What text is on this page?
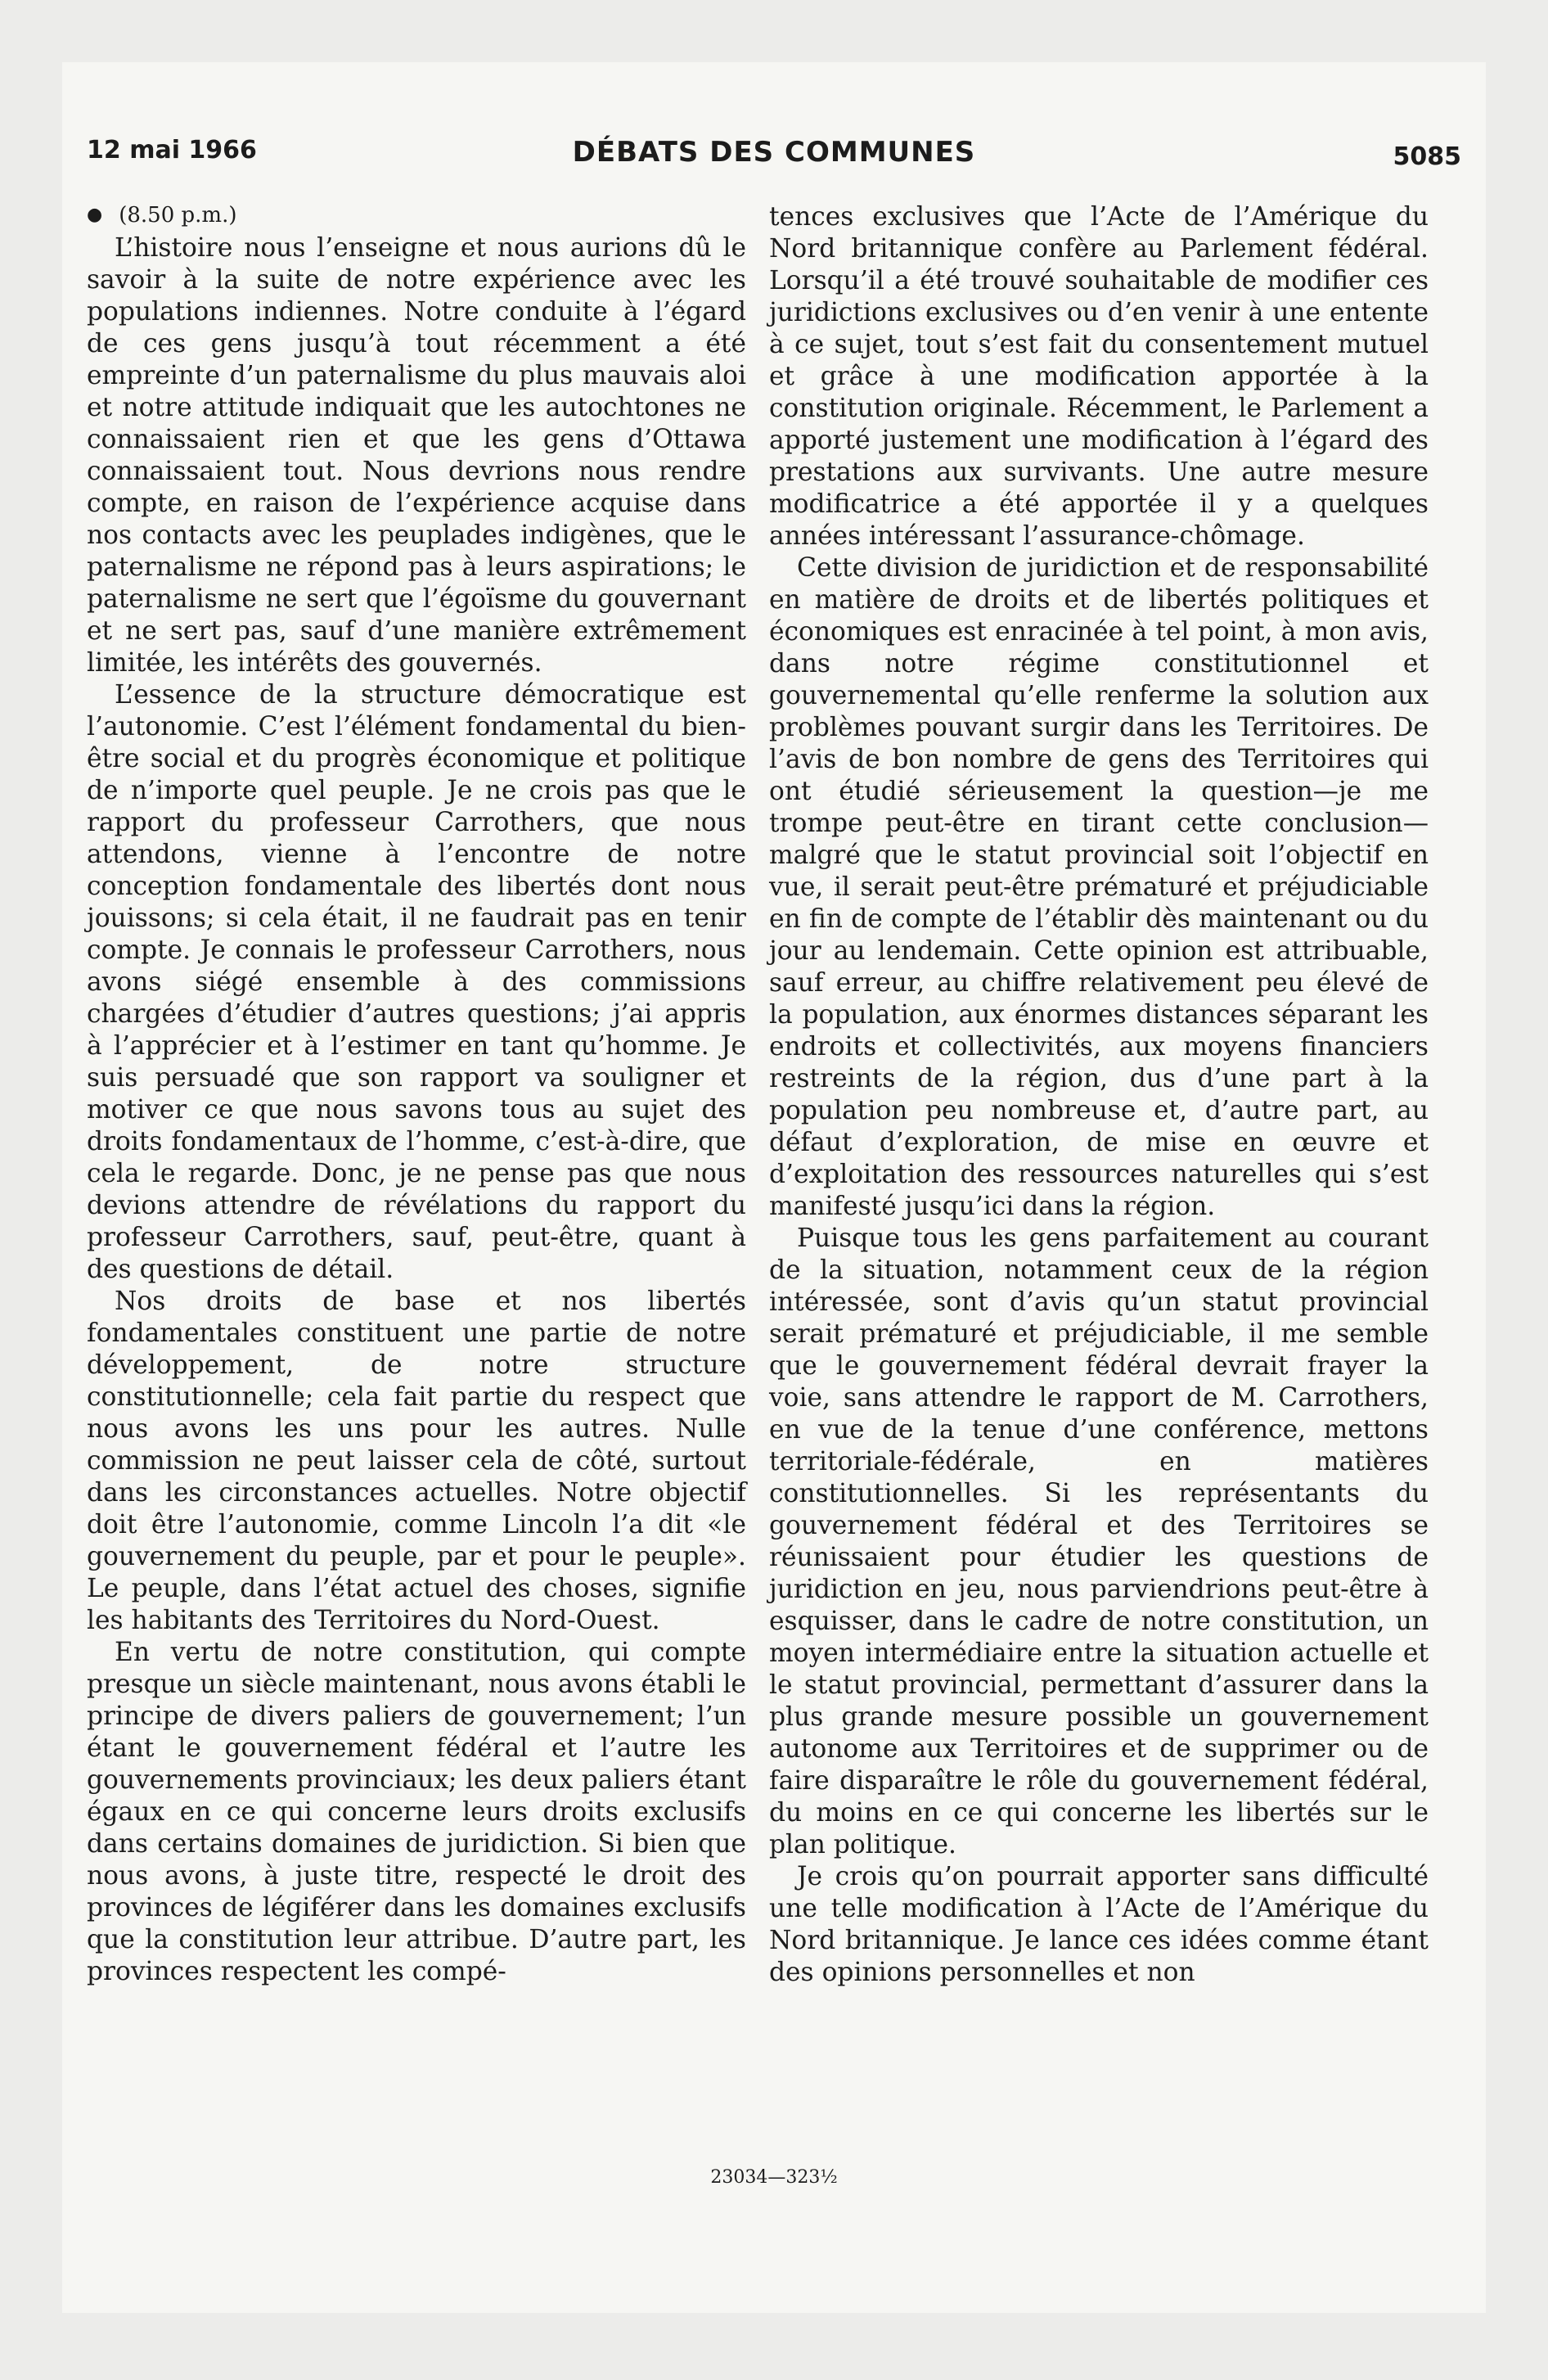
12 mai 1966	DÉBATS DES COMMUNES	5085
● (8.50 p.m.)

L’histoire nous l’enseigne et nous aurions dû le savoir à la suite de notre expérience avec les populations indiennes. Notre conduite à l’égard de ces gens jusqu’à tout récemment a été empreinte d’un paternalisme du plus mauvais aloi et notre attitude indiquait que les autochtones ne connaissaient rien et que les gens d’Ottawa connaissaient tout. Nous devrions nous rendre compte, en raison de l’expérience acquise dans nos contacts avec les peuplades indigènes, que le paternalisme ne répond pas à leurs aspirations; le paternalisme ne sert que l’égoïsme du gouvernant et ne sert pas, sauf d’une manière extrêmement limitée, les intérêts des gouvernés.

L’essence de la structure démocratique est l’autonomie. C’est l’élément fondamental du bien-être social et du progrès économique et politique de n’importe quel peuple. Je ne crois pas que le rapport du professeur Carrothers, que nous attendons, vienne à l’encontre de notre conception fondamentale des libertés dont nous jouissons; si cela était, il ne faudrait pas en tenir compte. Je connais le professeur Carrothers, nous avons siégé ensemble à des commissions chargées d’étudier d’autres questions; j’ai appris à l’apprécier et à l’estimer en tant qu’homme. Je suis persuadé que son rapport va souligner et motiver ce que nous savons tous au sujet des droits fondamentaux de l’homme, c’est-à-dire, que cela le regarde. Donc, je ne pense pas que nous devions attendre de révélations du rapport du professeur Carrothers, sauf, peut-être, quant à des questions de détail.

Nos droits de base et nos libertés fondamentales constituent une partie de notre développement, de notre structure constitutionnelle; cela fait partie du respect que nous avons les uns pour les autres. Nulle commission ne peut laisser cela de côté, surtout dans les circonstances actuelles. Notre objectif doit être l’autonomie, comme Lincoln l’a dit «le gouvernement du peuple, par et pour le peuple». Le peuple, dans l’état actuel des choses, signifie les habitants des Territoires du Nord-Ouest.

En vertu de notre constitution, qui compte presque un siècle maintenant, nous avons établi le principe de divers paliers de gouvernement; l’un étant le gouvernement fédéral et l’autre les gouvernements provinciaux; les deux paliers étant égaux en ce qui concerne leurs droits exclusifs dans certains domaines de juridiction. Si bien que nous avons, à juste titre, respecté le droit des provinces de légiférer dans les domaines exclusifs que la constitution leur attribue. D’autre part, les provinces respectent les compé-

tences exclusives que l’Acte de l’Amérique du Nord britannique confère au Parlement fédéral. Lorsqu’il a été trouvé souhaitable de modifier ces juridictions exclusives ou d’en venir à une entente à ce sujet, tout s’est fait du consentement mutuel et grâce à une modification apportée à la constitution originale. Récemment, le Parlement a apporté justement une modification à l’égard des prestations aux survivants. Une autre mesure modificatrice a été apportée il y a quelques années intéressant l’assurance-chômage.

Cette division de juridiction et de responsabilité en matière de droits et de libertés politiques et économiques est enracinée à tel point, à mon avis, dans notre régime constitutionnel et gouvernemental qu’elle renferme la solution aux problèmes pouvant surgir dans les Territoires. De l’avis de bon nombre de gens des Territoires qui ont étudié sérieusement la question—je me trompe peut-être en tirant cette conclusion—malgré que le statut provincial soit l’objectif en vue, il serait peut-être prématuré et préjudiciable en fin de compte de l’établir dès maintenant ou du jour au lendemain. Cette opinion est attribuable, sauf erreur, au chiffre relativement peu élevé de la population, aux énormes distances séparant les endroits et collectivités, aux moyens financiers restreints de la région, dus d’une part à la population peu nombreuse et, d’autre part, au défaut d’exploration, de mise en œuvre et d’exploitation des ressources naturelles qui s’est manifesté jusqu’ici dans la région.

Puisque tous les gens parfaitement au courant de la situation, notamment ceux de la région intéressée, sont d’avis qu’un statut provincial serait prématuré et préjudiciable, il me semble que le gouvernement fédéral devrait frayer la voie, sans attendre le rapport de M. Carrothers, en vue de la tenue d’une conférence, mettons territoriale-fédérale, en matières constitutionnelles. Si les représentants du gouvernement fédéral et des Territoires se réunissaient pour étudier les questions de juridiction en jeu, nous parviendrions peut-être à esquisser, dans le cadre de notre constitution, un moyen intermédiaire entre la situation actuelle et le statut provincial, permettant d’assurer dans la plus grande mesure possible un gouvernement autonome aux Territoires et de supprimer ou de faire disparaître le rôle du gouvernement fédéral, du moins en ce qui concerne les libertés sur le plan politique.

Je crois qu’on pourrait apporter sans difficulté une telle modification à l’Acte de l’Amérique du Nord britannique. Je lance ces idées comme étant des opinions personnelles et non

23034—323½
